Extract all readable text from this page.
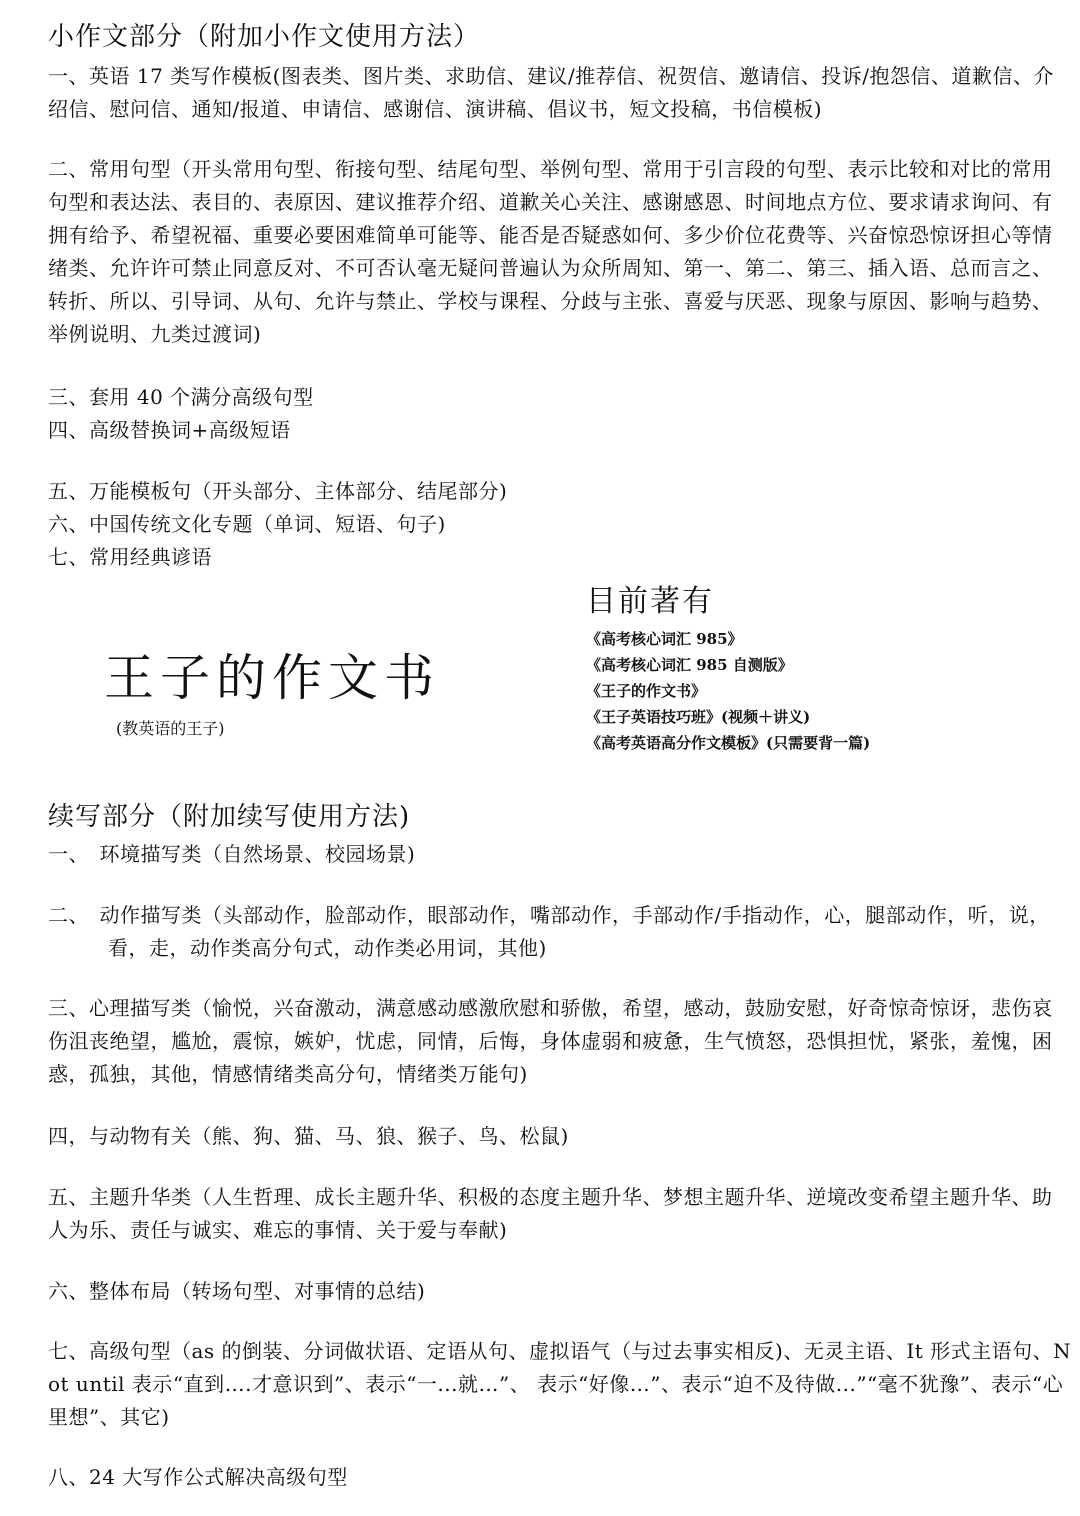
小作文部分（附加小作文使用方法）
一、英语 17 类写作模板(图表类、图片类、求助信、建议/推荐信、祝贺信、邀请信、投诉/抱怨信、道歉信、介绍信、慰问信、通知/报道、申请信、感谢信、演讲稿、倡议书，短文投稿，书信模板)
二、常用句型（开头常用句型、衔接句型、结尾句型、举例句型、常用于引言段的句型、表示比较和对比的常用句型和表达法、表目的、表原因、建议推荐介绍、道歉关心关注、感谢感恩、时间地点方位、要求请求询问、有拥有给予、希望祝福、重要必要困难简单可能等、能否是否疑惑如何、多少价位花费等、兴奋惊恐惊讶担心等情绪类、允许许可禁止同意反对、不可否认毫无疑问普遍认为众所周知、第一、第二、第三、插入语、总而言之、转折、所以、引导词、从句、允许与禁止、学校与课程、分歧与主张、喜爱与厌恶、现象与原因、影响与趋势、举例说明、九类过渡词)
三、套用 40 个满分高级句型
四、高级替换词+高级短语
五、万能模板句（开头部分、主体部分、结尾部分)
六、中国传统文化专题（单词、短语、句子)
七、常用经典谚语
王子的作文书
(教英语的王子)
目前著有
《高考核心词汇 985》
《高考核心词汇 985 自测版》
《王子的作文书》
《王子英语技巧班》(视频＋讲义)
《高考英语高分作文模板》(只需要背一篇)
续写部分（附加续写使用方法)
一、　环境描写类（自然场景、校园场景)
二、　动作描写类（头部动作，脸部动作，眼部动作，嘴部动作，手部动作/手指动作，心，腿部动作，听，说，看，走，动作类高分句式，动作类必用词，其他)
三、心理描写类（愉悦，兴奋激动，满意感动感激欣慰和骄傲，希望，感动，鼓励安慰，好奇惊奇惊讶，悲伤哀伤沮丧绝望，尴尬，震惊，嫉妒，忧虑，同情，后悔，身体虚弱和疲惫，生气愤怒，恐惧担忧，紧张，羞愧，困惑，孤独，其他，情感情绪类高分句，情绪类万能句)
四，与动物有关（熊、狗、猫、马、狼、猴子、鸟、松鼠)
五、主题升华类（人生哲理、成长主题升华、积极的态度主题升华、梦想主题升华、逆境改变希望主题升华、助人为乐、责任与诚实、难忘的事情、关于爱与奉献)
六、整体布局（转场句型、对事情的总结)
七、高级句型（as 的倒装、分词做状语、定语从句、虚拟语气（与过去事实相反)、无灵主语、It 形式主语句、Not until 表示“直到….才意识到”、表示“一...就…”、 表示“好像…”、表示“迫不及待做...”“毫不犹豫”、表示“心里想”、其它)
八、24 大写作公式解决高级句型
